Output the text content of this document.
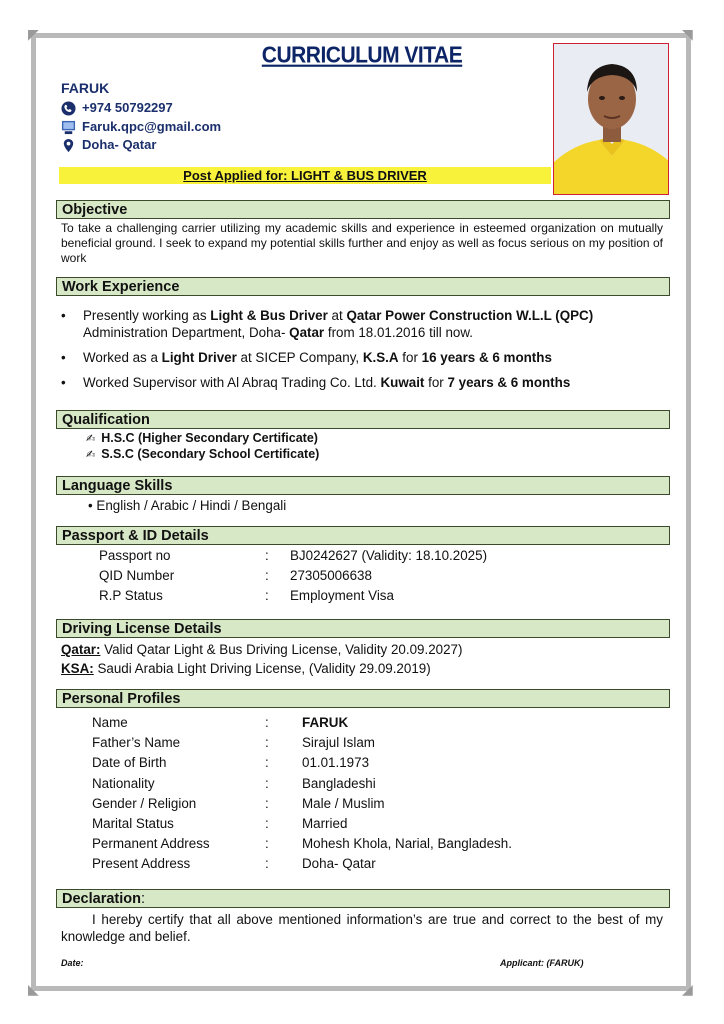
◤	◥
◣	◢
CURRICULUM VITAE
FARUK
+974 50792297
Faruk.qpc@gmail.com
Doha- Qatar
Post Applied for: LIGHT & BUS DRIVER
Objective
To take a challenging carrier utilizing my academic skills and experience in esteemed organization on mutually beneficial ground. I seek to expand my potential skills further and enjoy as well as focus serious on my position of work
Work Experience
• Presently working as Light & Bus Driver at Qatar Power Construction W.L.L (QPC) Administration Department, Doha- Qatar from 18.01.2016 till now.
• Worked as a Light Driver at SICEP Company, K.S.A for 16 years & 6 months
• Worked Supervisor with Al Abraq Trading Co. Ltd. Kuwait for 7 years & 6 months
Qualification
✍ H.S.C (Higher Secondary Certificate)
✍ S.S.C (Secondary School Certificate)
Language Skills
• English / Arabic / Hindi / Bengali
Passport & ID Details
Passport no	: BJ0242627 (Validity: 18.10.2025)
QID Number	: 27305006638
R.P Status	: Employment Visa
Driving License Details
Qatar: Valid Qatar Light & Bus Driving License, Validity 20.09.2027)
KSA: Saudi Arabia Light Driving License, (Validity 29.09.2019)
Personal Profiles
Name	: FARUK
Father’s Name	: Sirajul Islam
Date of Birth	: 01.01.1973
Nationality	: Bangladeshi
Gender / Religion	: Male / Muslim
Marital Status	: Married
Permanent Address	: Mohesh Khola, Narial, Bangladesh.
Present Address	: Doha- Qatar
Declaration:
I hereby certify that all above mentioned information’s are true and correct to the best of my knowledge and belief.
Date:	Applicant: (FARUK)
